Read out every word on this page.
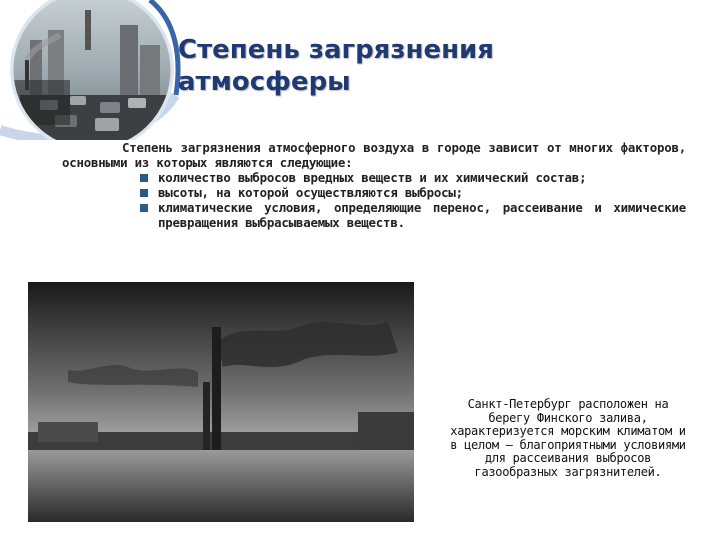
Степень загрязнения
атмосферы

Степень загрязнения атмосферного воздуха в городе зависит от многих факторов, основными из которых являются следующие:

количество выбросов вредных веществ и их химический состав;
высоты, на которой осуществляются выбросы;
климатические условия, определяющие перенос, рассеивание и химические превращения выбрасываемых веществ.
Санкт-Петербург расположен на берегу Финского залива, характеризуется морским климатом и в целом – благоприятными условиями для рассеивания выбросов газообразных загрязнителей.
